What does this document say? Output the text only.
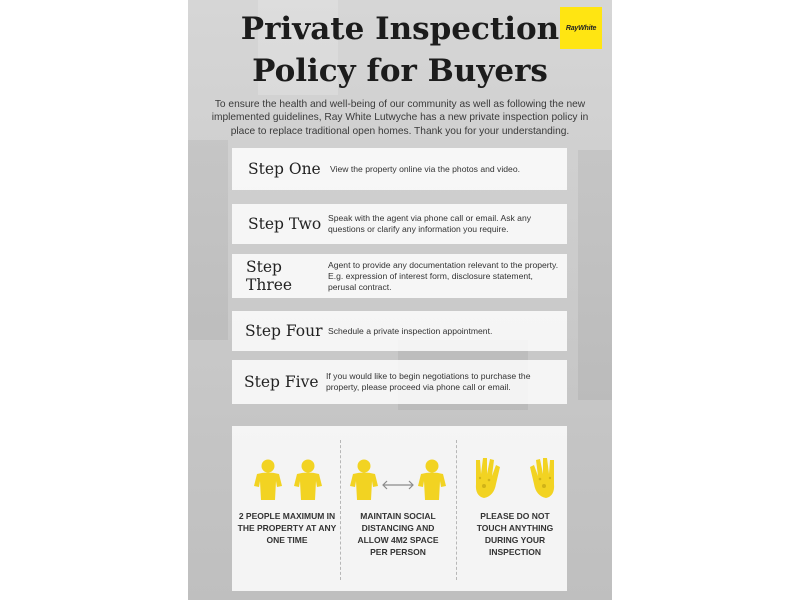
RayWhite
Private Inspection
Policy for Buyers

To ensure the health and well-being of our community as well as following the new implemented guidelines, Ray White Lutwyche has a new private inspection policy in place to replace traditional open homes. Thank you for your understanding.

Step One	View the property online via the photos and video.
Step Two Speak with the agent via phone call or email. Ask any questions or clarify any information you require.
Step Three
Agent to provide any documentation relevant to the property. E.g. expression of interest form, disclosure statement, perusal contract.
Step Four Schedule a private inspection appointment.
Step Five If you would like to begin negotiations to purchase the property, please proceed via phone call or email.
2 PEOPLE MAXIMUM IN THE PROPERTY AT ANY ONE TIME
MAINTAIN SOCIAL DISTANCING AND ALLOW 4M2 SPACE PER PERSON
PLEASE DO NOT TOUCH ANYTHING DURING YOUR INSPECTION
